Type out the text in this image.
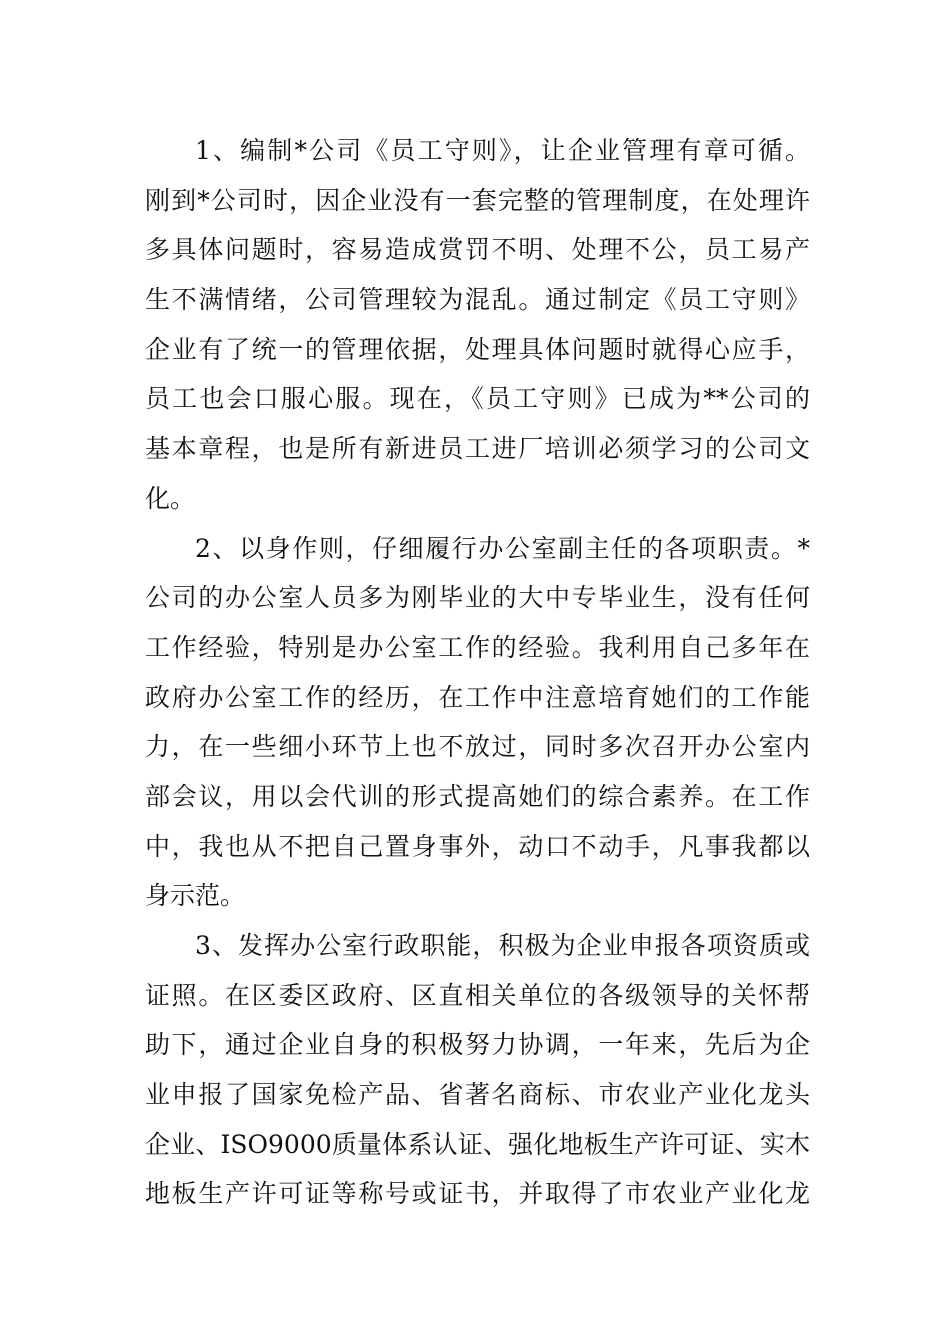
1、编制*公司《员工守则》，让企业管理有章可循。
刚到*公司时，因企业没有一套完整的管理制度，在处理许
多具体问题时，容易造成赏罚不明、处理不公，员工易产
生不满情绪，公司管理较为混乱。通过制定《员工守则》
企业有了统一的管理依据，处理具体问题时就得心应手，
员工也会口服心服。现在，《员工守则》已成为**公司的
基本章程，也是所有新进员工进厂培训必须学习的公司文
化。
2、以身作则，仔细履行办公室副主任的各项职责。*
公司的办公室人员多为刚毕业的大中专毕业生，没有任何
工作经验，特别是办公室工作的经验。我利用自己多年在
政府办公室工作的经历，在工作中注意培育她们的工作能
力，在一些细小环节上也不放过，同时多次召开办公室内
部会议，用以会代训的形式提高她们的综合素养。在工作
中，我也从不把自己置身事外，动口不动手，凡事我都以
身示范。
3、发挥办公室行政职能，积极为企业申报各项资质或
证照。在区委区政府、区直相关单位的各级领导的关怀帮
助下，通过企业自身的积极努力协调，一年来，先后为企
业申报了国家免检产品、省著名商标、市农业产业化龙头
企业、ISO9000质量体系认证、强化地板生产许可证、实木
地板生产许可证等称号或证书，并取得了市农业产业化龙
